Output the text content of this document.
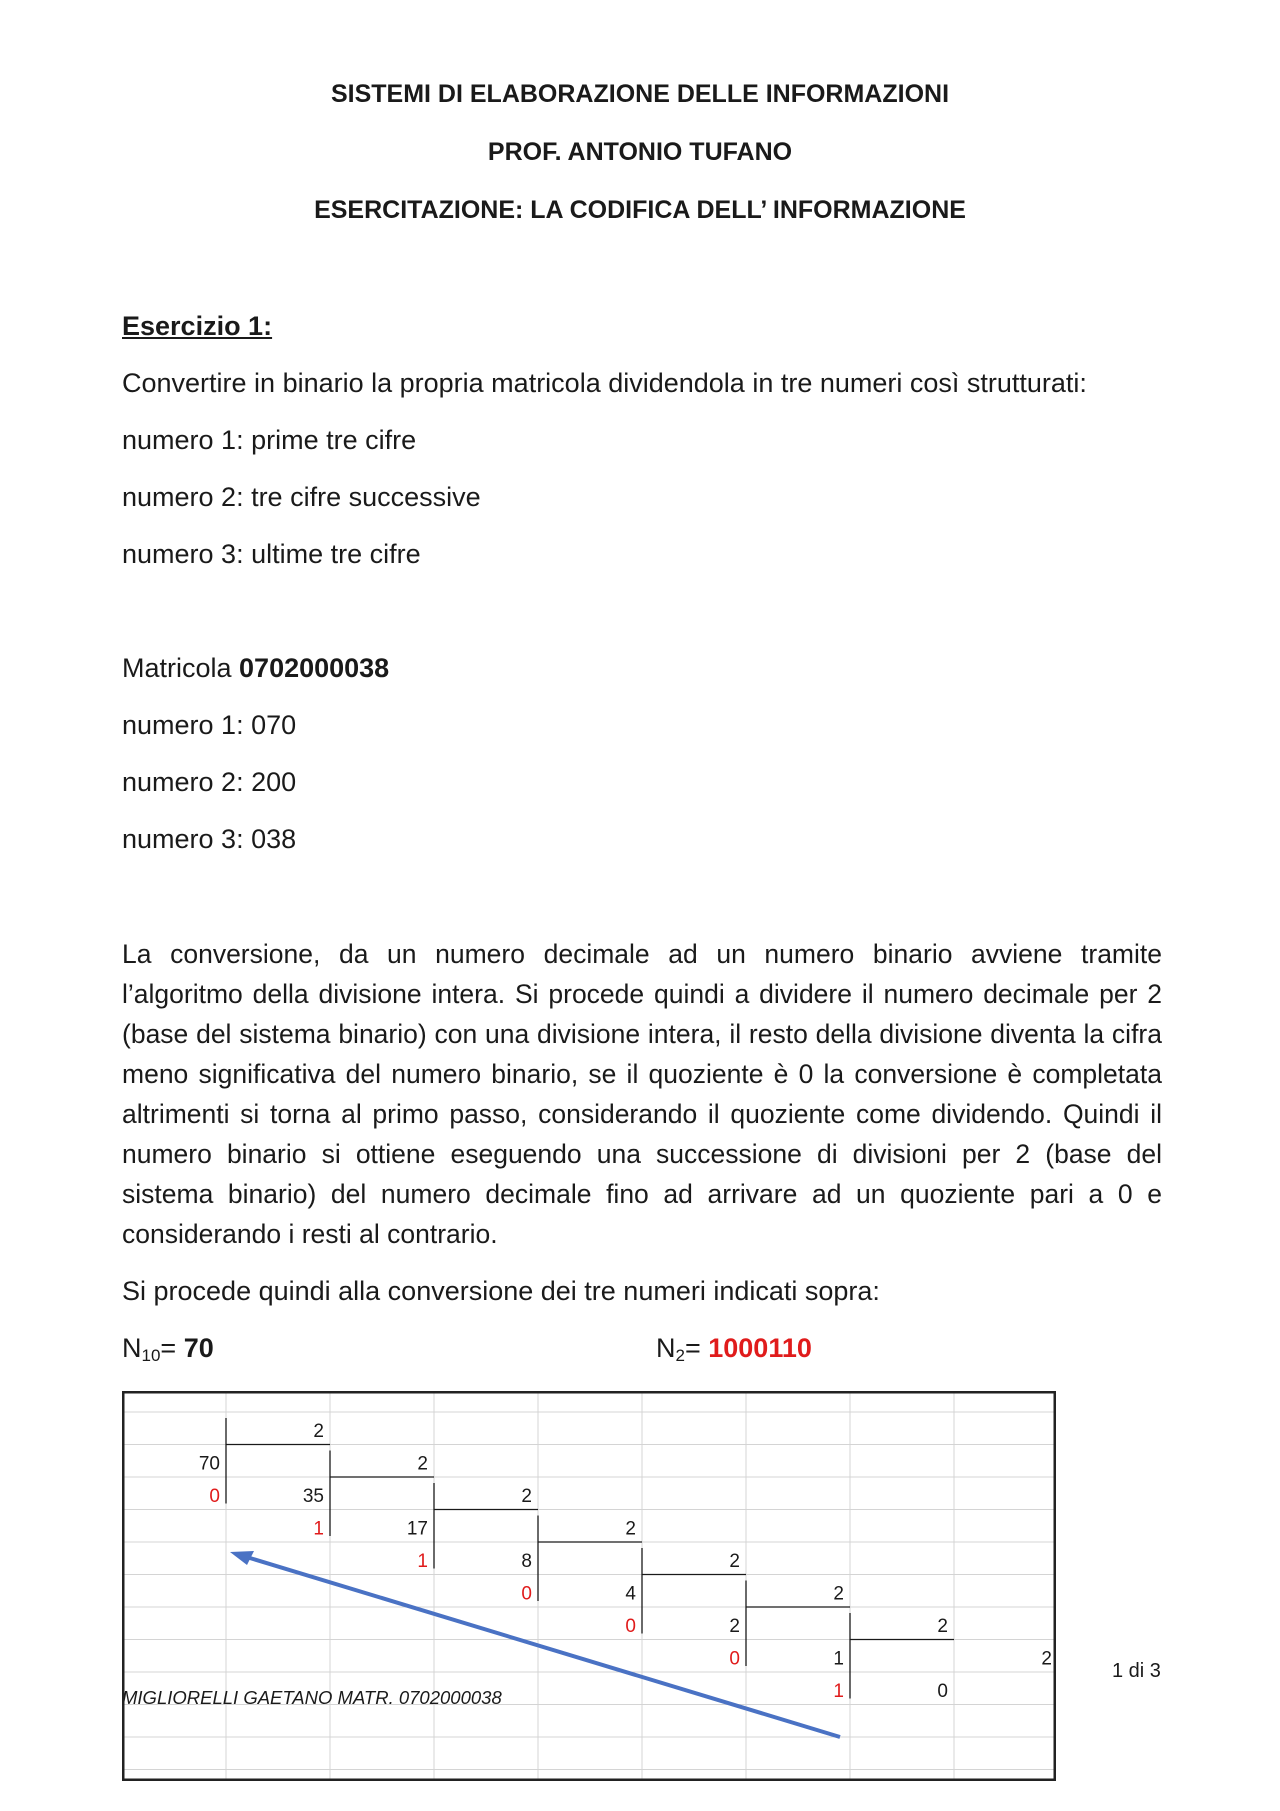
SISTEMI DI ELABORAZIONE DELLE INFORMAZIONI
PROF. ANTONIO TUFANO
ESERCITAZIONE: LA CODIFICA DELL’ INFORMAZIONE
Esercizio 1:
Convertire in binario la propria matricola dividendola in tre numeri così strutturati:
numero 1: prime tre cifre
numero 2: tre cifre successive
numero 3: ultime tre cifre
Matricola 0702000038
numero 1: 070
numero 2: 200
numero 3: 038
La conversione, da un numero decimale ad un numero binario avviene tramite l’algoritmo della divisione intera. Si procede quindi a dividere il numero decimale per 2 (base del sistema binario) con una divisione intera, il resto della divisione diventa la cifra meno significativa del numero binario, se il quoziente è 0 la conversione è completata altrimenti si torna al primo passo, considerando il quoziente come dividendo. Quindi il numero binario si ottiene eseguendo una successione di divisioni per 2 (base del sistema binario) del numero decimale fino ad arrivare ad un quoziente pari a 0 e considerando i resti al contrario.
Si procede quindi alla conversione dei tre numeri indicati sopra:
$N_{10}= 70$	$N_2= 1000110$
70
2
0	35
2
1	17
2
1	8
2
0	4
2
0	2
2
0	1
2
1	0
2
MIGLIORELLI GAETANO MATR. 0702000038
1 di 3
